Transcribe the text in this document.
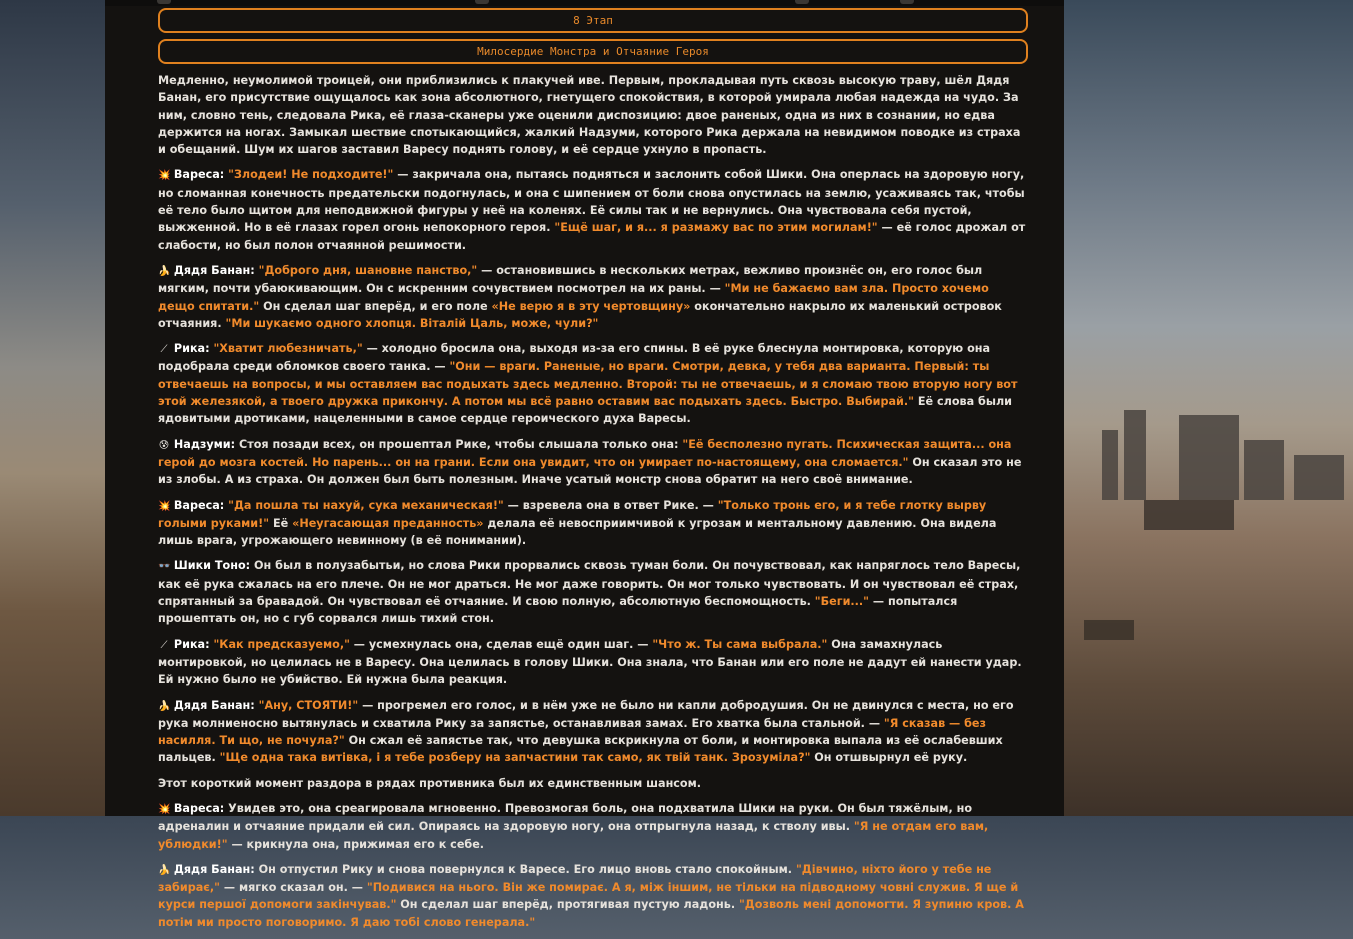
8 Этап
Милосердие Монстра и Отчаяние Героя

Медленно, неумолимой троицей, они приблизились к плакучей иве. Первым, прокладывая путь сквозь высокую траву, шёл Дядя Банан, его присутствие ощущалось как зона абсолютного, гнетущего спокойствия, в которой умирала любая надежда на чудо. За ним, словно тень, следовала Рика, её глаза-сканеры уже оценили диспозицию: двое раненых, одна из них в сознании, но едва держится на ногах. Замыкал шествие спотыкающийся, жалкий Надзуми, которого Рика держала на невидимом поводке из страха и обещаний. Шум их шагов заставил Варесу поднять голову, и её сердце ухнуло в пропасть.

💥 Вареса: "Злодеи! Не подходите!" — закричала она, пытаясь подняться и заслонить собой Шики. Она оперлась на здоровую ногу, но сломанная конечность предательски подогнулась, и она с шипением от боли снова опустилась на землю, усаживаясь так, чтобы её тело было щитом для неподвижной фигуры у неё на коленях. Её силы так и не вернулись. Она чувствовала себя пустой, выжженной. Но в её глазах горел огонь непокорного героя. "Ещё шаг, и я... я размажу вас по этим могилам!" — её голос дрожал от слабости, но был полон отчаянной решимости.

🍌 Дядя Банан: "Доброго дня, шановне панство," — остановившись в нескольких метрах, вежливо произнёс он, его голос был мягким, почти убаюкивающим. Он с искренним сочувствием посмотрел на их раны. — "Ми не бажаємо вам зла. Просто хочемо дещо спитати." Он сделал шаг вперёд, и его поле «Не верю я в эту чертовщину» окончательно накрыло их маленький островок отчаяния. "Ми шукаємо одного хлопця. Віталій Цаль, може, чули?"

⟋ Рика: "Хватит любезничать," — холодно бросила она, выходя из-за его спины. В её руке блеснула монтировка, которую она подобрала среди обломков своего танка. — "Они — враги. Раненые, но враги. Смотри, девка, у тебя два варианта. Первый: ты отвечаешь на вопросы, и мы оставляем вас подыхать здесь медленно. Второй: ты не отвечаешь, и я сломаю твою вторую ногу вот этой железякой, а твоего дружка прикончу. А потом мы всё равно оставим вас подыхать здесь. Быстро. Выбирай." Её слова были ядовитыми дротиками, нацеленными в самое сердце героического духа Варесы.

😰 Надзуми: Стоя позади всех, он прошептал Рике, чтобы слышала только она: "Её бесполезно пугать. Психическая защита... она герой до мозга костей. Но парень... он на грани. Если она увидит, что он умирает по-настоящему, она сломается." Он сказал это не из злобы. А из страха. Он должен был быть полезным. Иначе усатый монстр снова обратит на него своё внимание.

💥 Вареса: "Да пошла ты нахуй, сука механическая!" — взревела она в ответ Рике. — "Только тронь его, и я тебе глотку вырву голыми руками!" Её «Неугасающая преданность» делала её невосприимчивой к угрозам и ментальному давлению. Она видела лишь врага, угрожающего невинному (в её понимании).

👓 Шики Тоно: Он был в полузабытьи, но слова Рики прорвались сквозь туман боли. Он почувствовал, как напряглось тело Варесы, как её рука сжалась на его плече. Он не мог драться. Не мог даже говорить. Он мог только чувствовать. И он чувствовал её страх, спрятанный за бравадой. Он чувствовал её отчаяние. И свою полную, абсолютную беспомощность. "Беги..." — попытался прошептать он, но с губ сорвался лишь тихий стон.

⟋ Рика: "Как предсказуемо," — усмехнулась она, сделав ещё один шаг. — "Что ж. Ты сама выбрала." Она замахнулась монтировкой, но целилась не в Варесу. Она целилась в голову Шики. Она знала, что Банан или его поле не дадут ей нанести удар. Ей нужно было не убийство. Ей нужна была реакция.

🍌 Дядя Банан: "Ану, СТОЯТИ!" — прогремел его голос, и в нём уже не было ни капли добродушия. Он не двинулся с места, но его рука молниеносно вытянулась и схватила Рику за запястье, останавливая замах. Его хватка была стальной. — "Я сказав — без насилля. Ти що, не почула?" Он сжал её запястье так, что девушка вскрикнула от боли, и монтировка выпала из её ослабевших пальцев. "Ще одна така витівка, і я тебе розберу на запчастини так само, як твій танк. Зрозуміла?" Он отшвырнул её руку.

Этот короткий момент раздора в рядах противника был их единственным шансом.

💥 Вареса: Увидев это, она среагировала мгновенно. Превозмогая боль, она подхватила Шики на руки. Он был тяжёлым, но адреналин и отчаяние придали ей сил. Опираясь на здоровую ногу, она отпрыгнула назад, к стволу ивы. "Я не отдам его вам, ублюдки!" — крикнула она, прижимая его к себе.

🍌 Дядя Банан: Он отпустил Рику и снова повернулся к Варесе. Его лицо вновь стало спокойным. "Дівчино, ніхто його у тебе не забирає," — мягко сказал он. — "Подивися на нього. Він же помирає. А я, між іншим, не тільки на підводному човні служив. Я ще й курси першої допомоги закінчував." Он сделал шаг вперёд, протягивая пустую ладонь. "Дозволь мені допомогти. Я зупиню кров. А потім ми просто поговоримо. Я даю тобі слово генерала."
